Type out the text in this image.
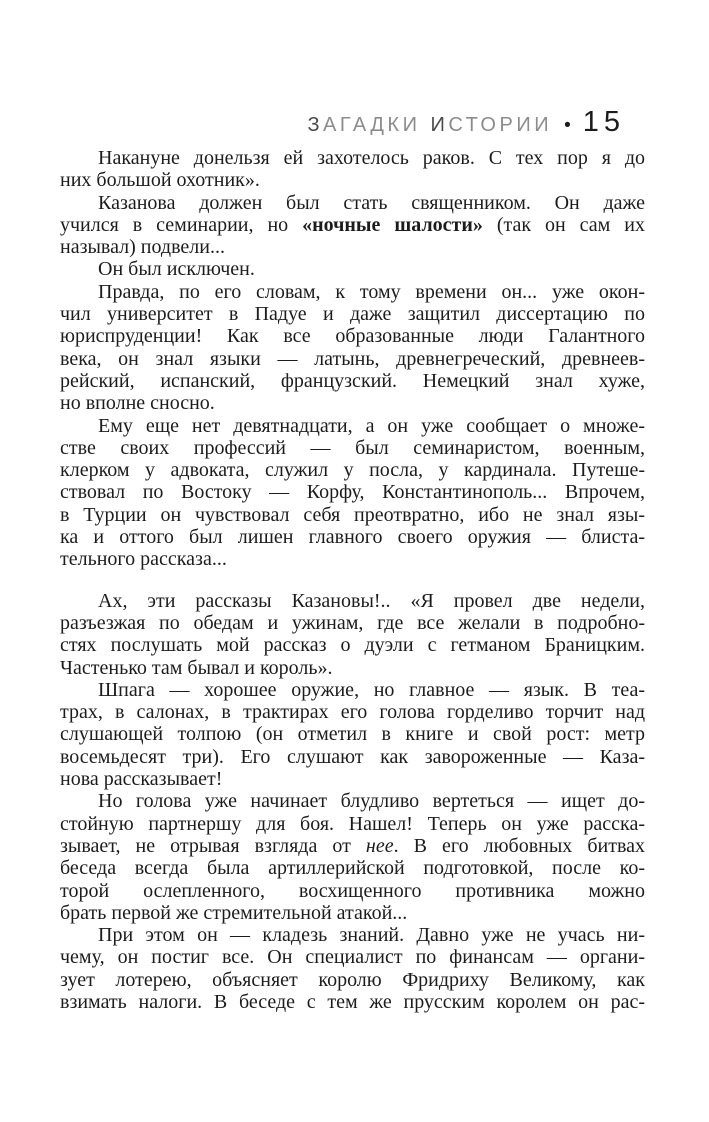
ЗАГАДКИ ИСТОРИИ • 15
Накануне донельзя ей захотелось раков. С тех пор я до
них большой охотник».
Казанова должен был стать священником. Он даже
учился в семинарии, но «ночные шалости» (так он сам их
называл) подвели...
Он был исключен.
Правда, по его словам, к тому времени он... уже окон-
чил университет в Падуе и даже защитил диссертацию по
юриспруденции! Как все образованные люди Галантного
века, он знал языки — латынь, древнегреческий, древнеев-
рейский, испанский, французский. Немецкий знал хуже,
но вполне сносно.
Ему еще нет девятнадцати, а он уже сообщает о множе-
стве своих профессий — был семинаристом, военным,
клерком у адвоката, служил у посла, у кардинала. Путеше-
ствовал по Востоку — Корфу, Константинополь... Впрочем,
в Турции он чувствовал себя преотвратно, ибо не знал язы-
ка и оттого был лишен главного своего оружия — блиста-
тельного рассказа...
Ах, эти рассказы Казановы!.. «Я провел две недели,
разъезжая по обедам и ужинам, где все желали в подробно-
стях послушать мой рассказ о дуэли с гетманом Браницким.
Частенько там бывал и король».
Шпага — хорошее оружие, но главное — язык. В теа-
трах, в салонах, в трактирах его голова горделиво торчит над
слушающей толпою (он отметил в книге и свой рост: метр
восемьдесят три). Его слушают как завороженные — Каза-
нова рассказывает!
Но голова уже начинает блудливо вертеться — ищет до-
стойную партнершу для боя. Нашел! Теперь он уже расска-
зывает, не отрывая взгляда от нее. В его любовных битвах
беседа всегда была артиллерийской подготовкой, после ко-
торой ослепленного, восхищенного противника можно
брать первой же стремительной атакой...
При этом он — кладезь знаний. Давно уже не учась ни-
чему, он постиг все. Он специалист по финансам — органи-
зует лотерею, объясняет королю Фридриху Великому, как
взимать налоги. В беседе с тем же прусским королем он рас-
